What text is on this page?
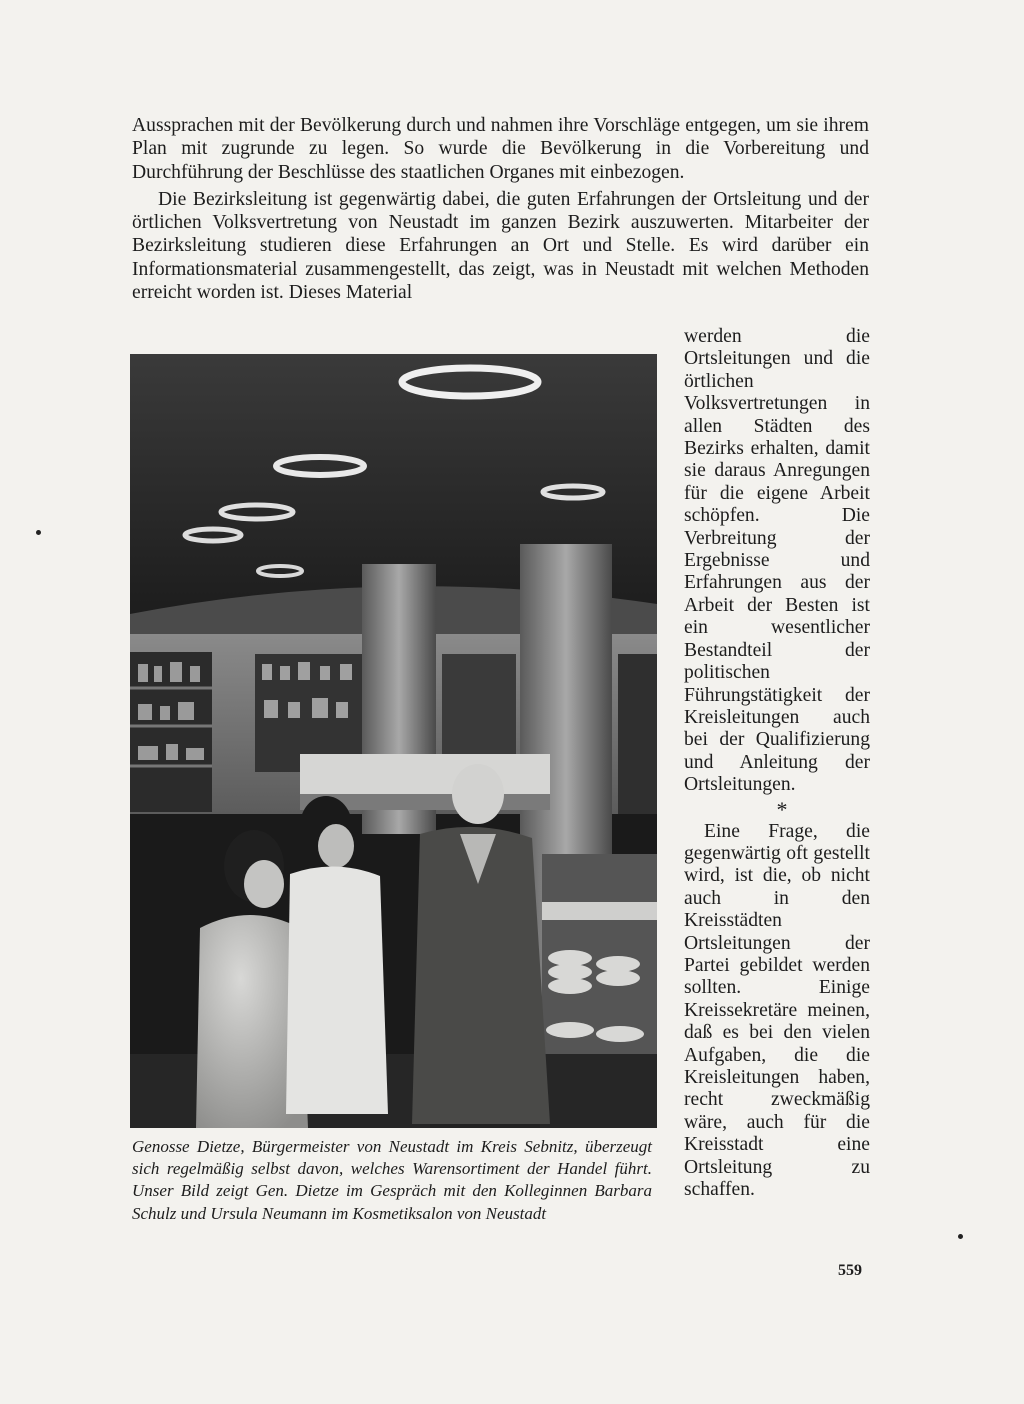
Aussprachen mit der Bevölkerung durch und nahmen ihre Vorschläge entgegen, um sie ihrem Plan mit zugrunde zu legen. So wurde die Bevölkerung in die Vorbereitung und Durchführung der Beschlüsse des staatlichen Organes mit einbezogen.

Die Bezirksleitung ist gegenwärtig dabei, die guten Erfahrungen der Ortsleitung und der örtlichen Volksvertretung von Neustadt im ganzen Bezirk auszuwerten. Mitarbeiter der Bezirksleitung studieren diese Erfahrungen an Ort und Stelle. Es wird darüber ein Informationsmaterial zusammengestellt, das zeigt, was in Neustadt mit welchen Methoden erreicht worden ist. Dieses Material

werden die Ortsleitungen und die örtlichen Volksvertretungen in allen Städten des Bezirks erhalten, damit sie daraus Anregungen für die eigene Arbeit schöpfen. Die Verbreitung der Ergebnisse und Erfahrungen aus der Arbeit der Besten ist ein wesentlicher Bestandteil der politischen Führungstätigkeit der Kreisleitungen auch bei der Qualifizierung und Anleitung der Ortsleitungen.

*

Eine Frage, die gegenwärtig oft gestellt wird, ist die, ob nicht auch in den Kreisstädten Ortsleitungen der Partei gebildet werden sollten. Einige Kreissekretäre meinen, daß es bei den vielen Aufgaben, die die Kreisleitungen haben, recht zweckmäßig wäre, auch für die Kreisstadt eine Ortsleitung zu schaffen.

Genosse Dietze, Bürgermeister von Neustadt im Kreis Sebnitz, überzeugt sich regelmäßig selbst davon, welches Warensortiment der Handel führt. Unser Bild zeigt Gen. Dietze im Gespräch mit den Kolleginnen Barbara Schulz und Ursula Neumann im Kosmetiksalon von Neustadt
559
